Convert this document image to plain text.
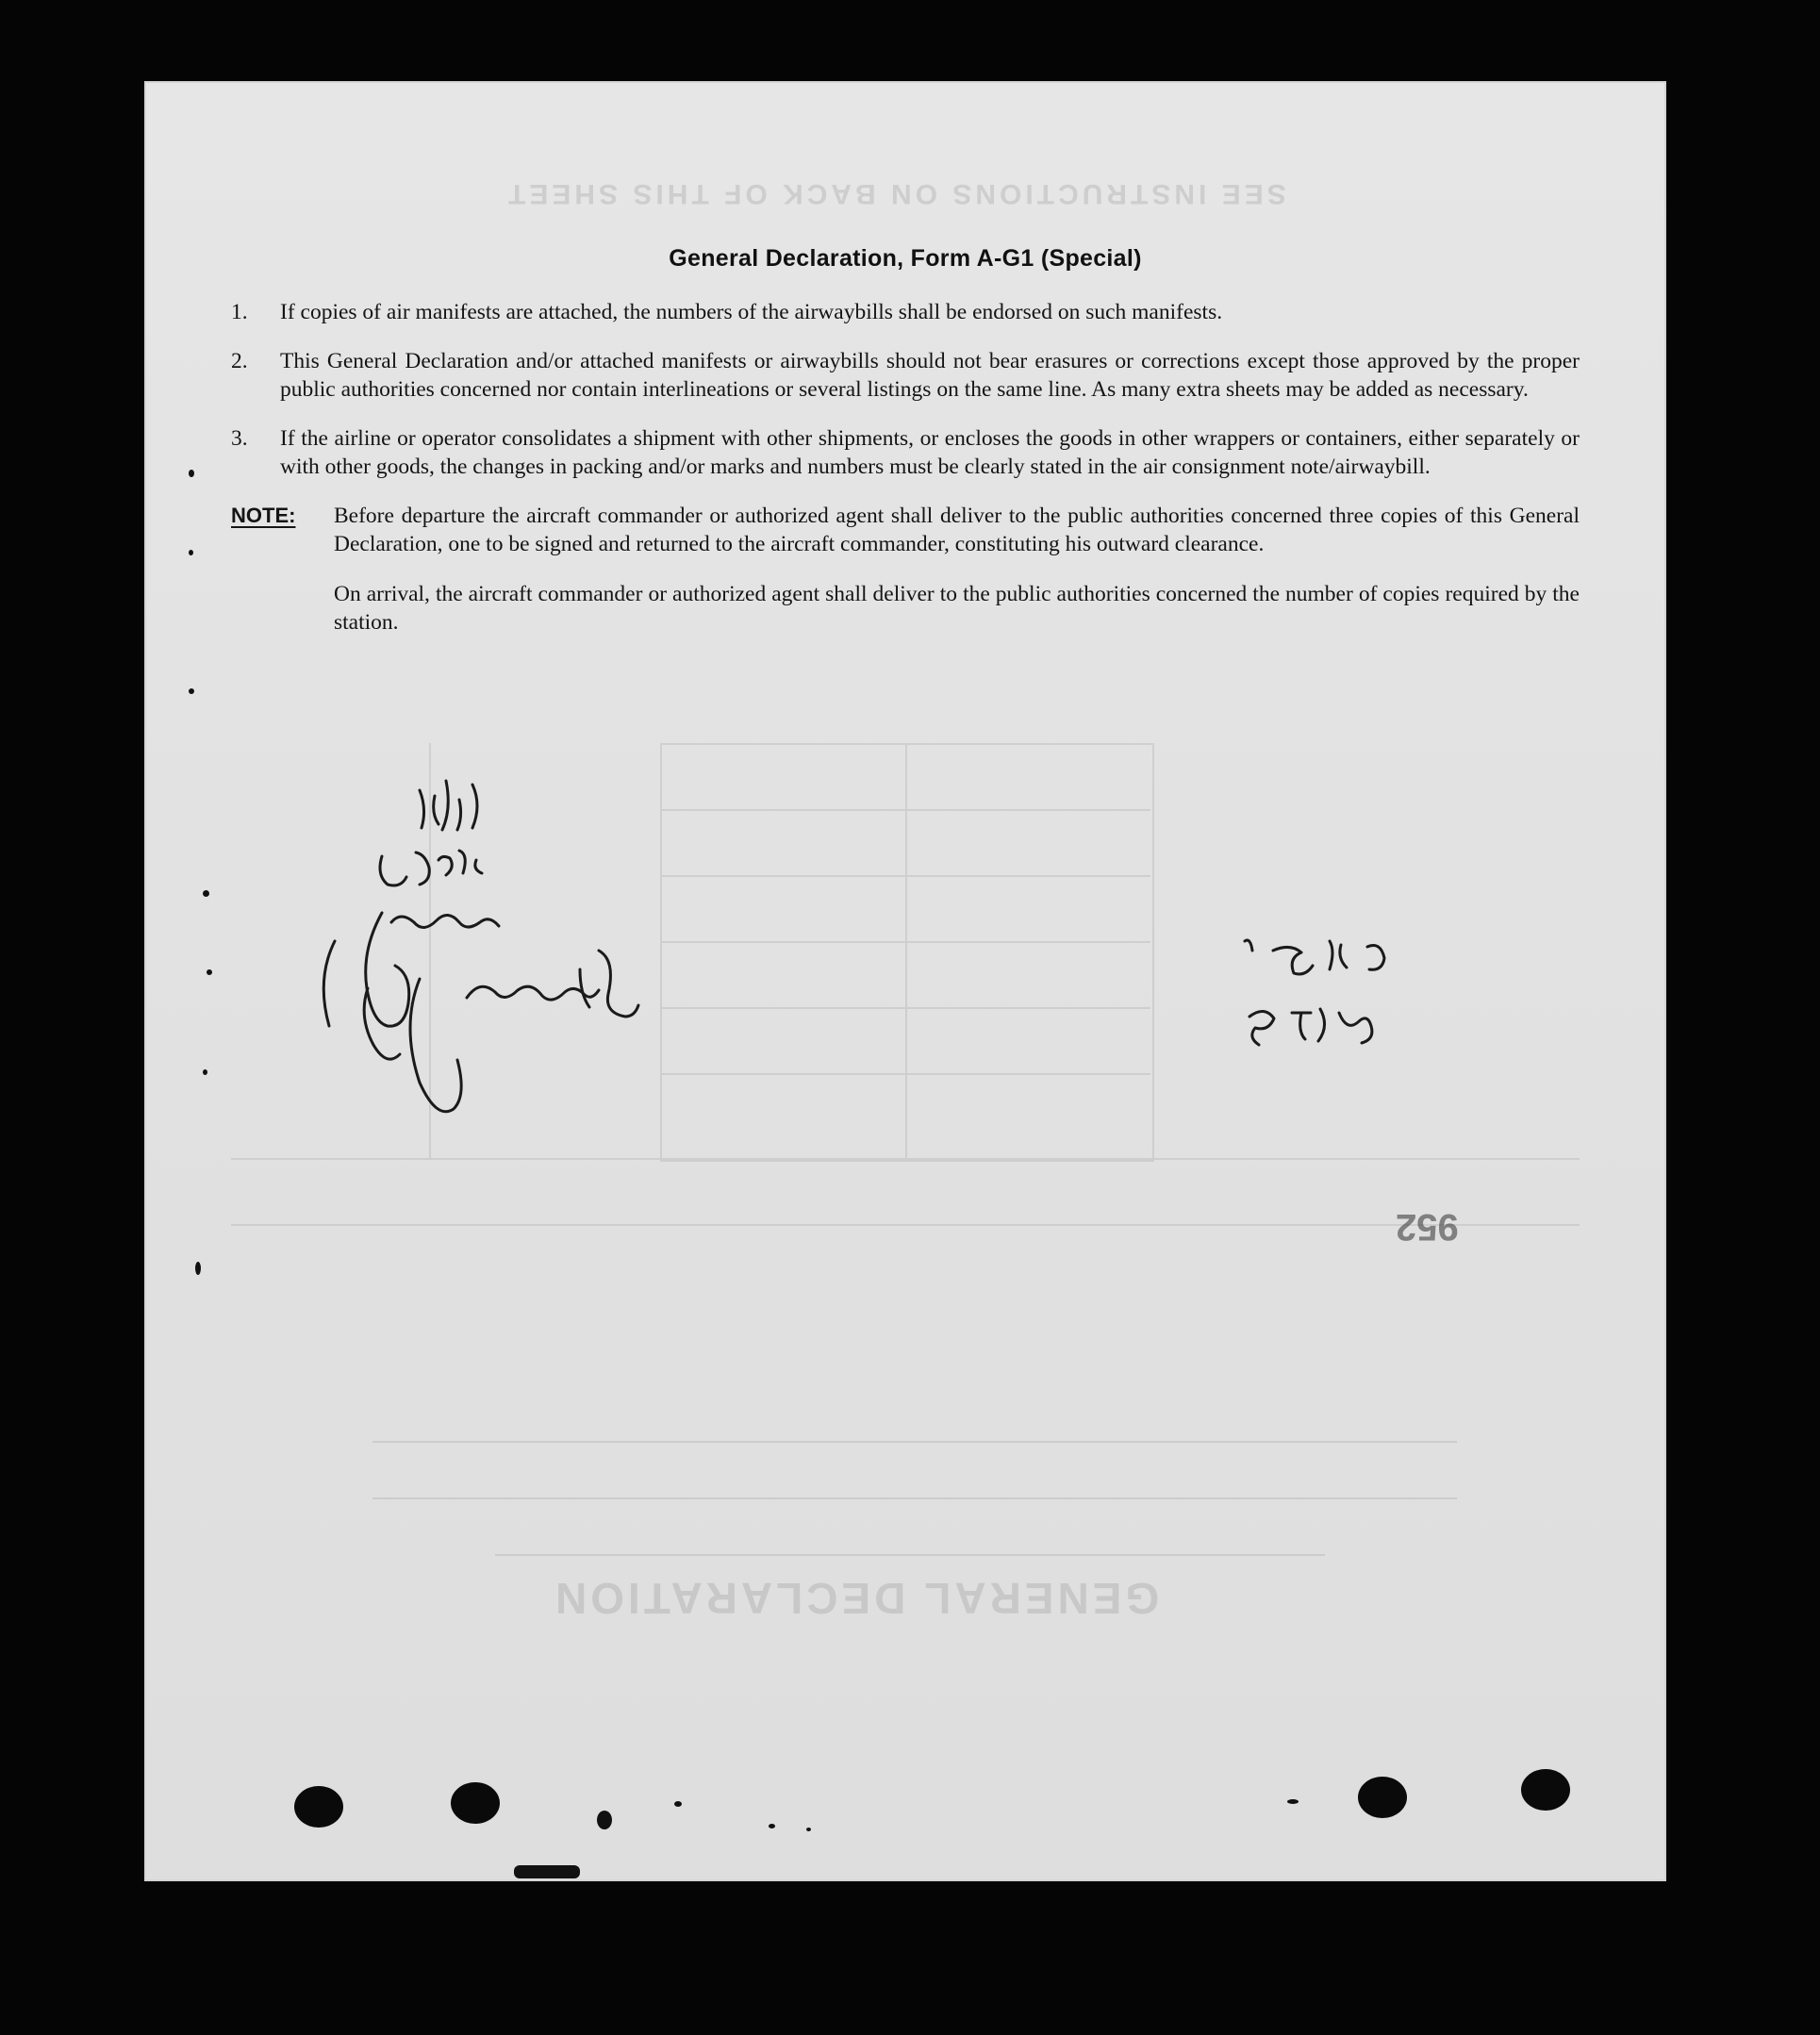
GENERAL DECLARATION
SEE INSTRUCTIONS ON BACK OF THIS SHEET
952
General Declaration, Form A-G1 (Special)
1.	If copies of air manifests are attached, the numbers of the airwaybills shall be endorsed on such manifests.
2.	This General Declaration and/or attached manifests or airwaybills should not bear erasures or corrections except those approved by the proper public authorities concerned nor contain interlineations or several listings on the same line. As many extra sheets may be added as necessary.
3.	If the airline or operator consolidates a shipment with other shipments, or encloses the goods in other wrappers or containers, either separately or with other goods, the changes in packing and/or marks and numbers must be clearly stated in the air consignment note/airwaybill.
NOTE:	Before departure the aircraft commander or authorized agent shall deliver to the public authorities concerned three copies of this General Declaration, one to be signed and returned to the aircraft commander, constituting his outward clearance.

On arrival, the aircraft commander or authorized agent shall deliver to the public authorities concerned the number of copies required by the station.
